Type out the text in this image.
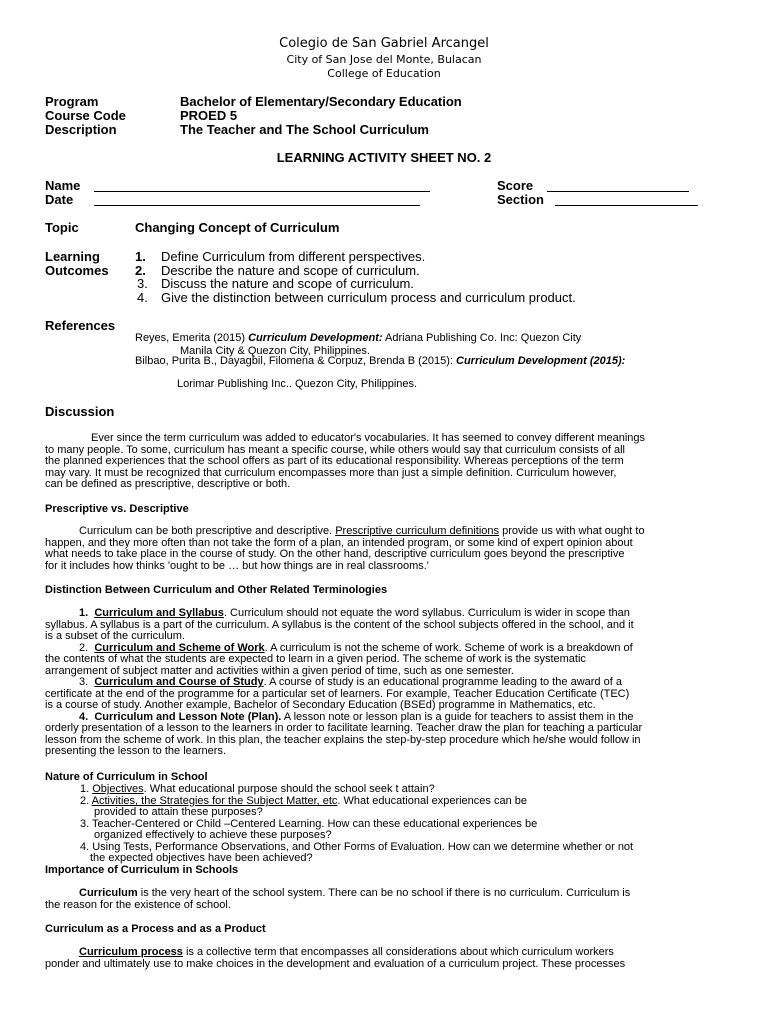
Colegio de San Gabriel Arcangel
City of San Jose del Monte, Bulacan
College of Education
Program	Bachelor of Elementary/Secondary Education
Course Code	PROED 5
Description	The Teacher and The School Curriculum
LEARNING ACTIVITY SHEET NO. 2
Name
Date
Score
Section
Topic	Changing Concept of Curriculum
Learning
Outcomes
1. Define Curriculum from different perspectives.
2. Describe the nature and scope of curriculum.
3. Discuss the nature and scope of curriculum.
4. Give the distinction between curriculum process and curriculum product.
References
Reyes, Emerita (2015) Curriculum Development: Adriana Publishing Co. Inc: Quezon City
Manila City & Quezon City, Philippines.
Bilbao, Purita B., Dayagbil, Filomena & Corpuz, Brenda B (2015): Curriculum Development (2015):
Lorimar Publishing Inc.. Quezon City, Philippines.
Discussion
Ever since the term curriculum was added to educator's vocabularies. It has seemed to convey different meanings
to many people. To some, curriculum has meant a specific course, while others would say that curriculum consists of all
the planned experiences that the school offers as part of its educational responsibility. Whereas perceptions of the term
may vary. It must be recognized that curriculum encompasses more than just a simple definition. Curriculum however,
can be defined as prescriptive, descriptive or both.
Prescriptive vs. Descriptive
Curriculum can be both prescriptive and descriptive. Prescriptive curriculum definitions provide us with what ought to
happen, and they more often than not take the form of a plan, an intended program, or some kind of expert opinion about
what needs to take place in the course of study. On the other hand, descriptive curriculum goes beyond the prescriptive
for it includes how thinks 'ought to be … but how things are in real classrooms.'
Distinction Between Curriculum and Other Related Terminologies
1. Curriculum and Syllabus. Curriculum should not equate the word syllabus. Curriculum is wider in scope than
syllabus. A syllabus is a part of the curriculum. A syllabus is the content of the school subjects offered in the school, and it
is a subset of the curriculum.
2. Curriculum and Scheme of Work. A curriculum is not the scheme of work. Scheme of work is a breakdown of
the contents of what the students are expected to learn in a given period. The scheme of work is the systematic
arrangement of subject matter and activities within a given period of time, such as one semester.
3. Curriculum and Course of Study. A course of study is an educational programme leading to the award of a
certificate at the end of the programme for a particular set of learners. For example, Teacher Education Certificate (TEC)
is a course of study. Another example, Bachelor of Secondary Education (BSEd) programme in Mathematics, etc.
4. Curriculum and Lesson Note (Plan). A lesson note or lesson plan is a guide for teachers to assist them in the
orderly presentation of a lesson to the learners in order to facilitate learning. Teacher draw the plan for teaching a particular
lesson from the scheme of work. In this plan, the teacher explains the step-by-step procedure which he/she would follow in
presenting the lesson to the learners.
Nature of Curriculum in School
1. Objectives. What educational purpose should the school seek t attain?
2. Activities, the Strategies for the Subject Matter, etc. What educational experiences can be
provided to attain these purposes?
3. Teacher-Centered or Child –Centered Learning. How can these educational experiences be
organized effectively to achieve these purposes?
4. Using Tests, Performance Observations, and Other Forms of Evaluation. How can we determine whether or not
the expected objectives have been achieved?
Importance of Curriculum in Schools
Curriculum is the very heart of the school system. There can be no school if there is no curriculum. Curriculum is
the reason for the existence of school.
Curriculum as a Process and as a Product
Curriculum process is a collective term that encompasses all considerations about which curriculum workers
ponder and ultimately use to make choices in the development and evaluation of a curriculum project. These processes
